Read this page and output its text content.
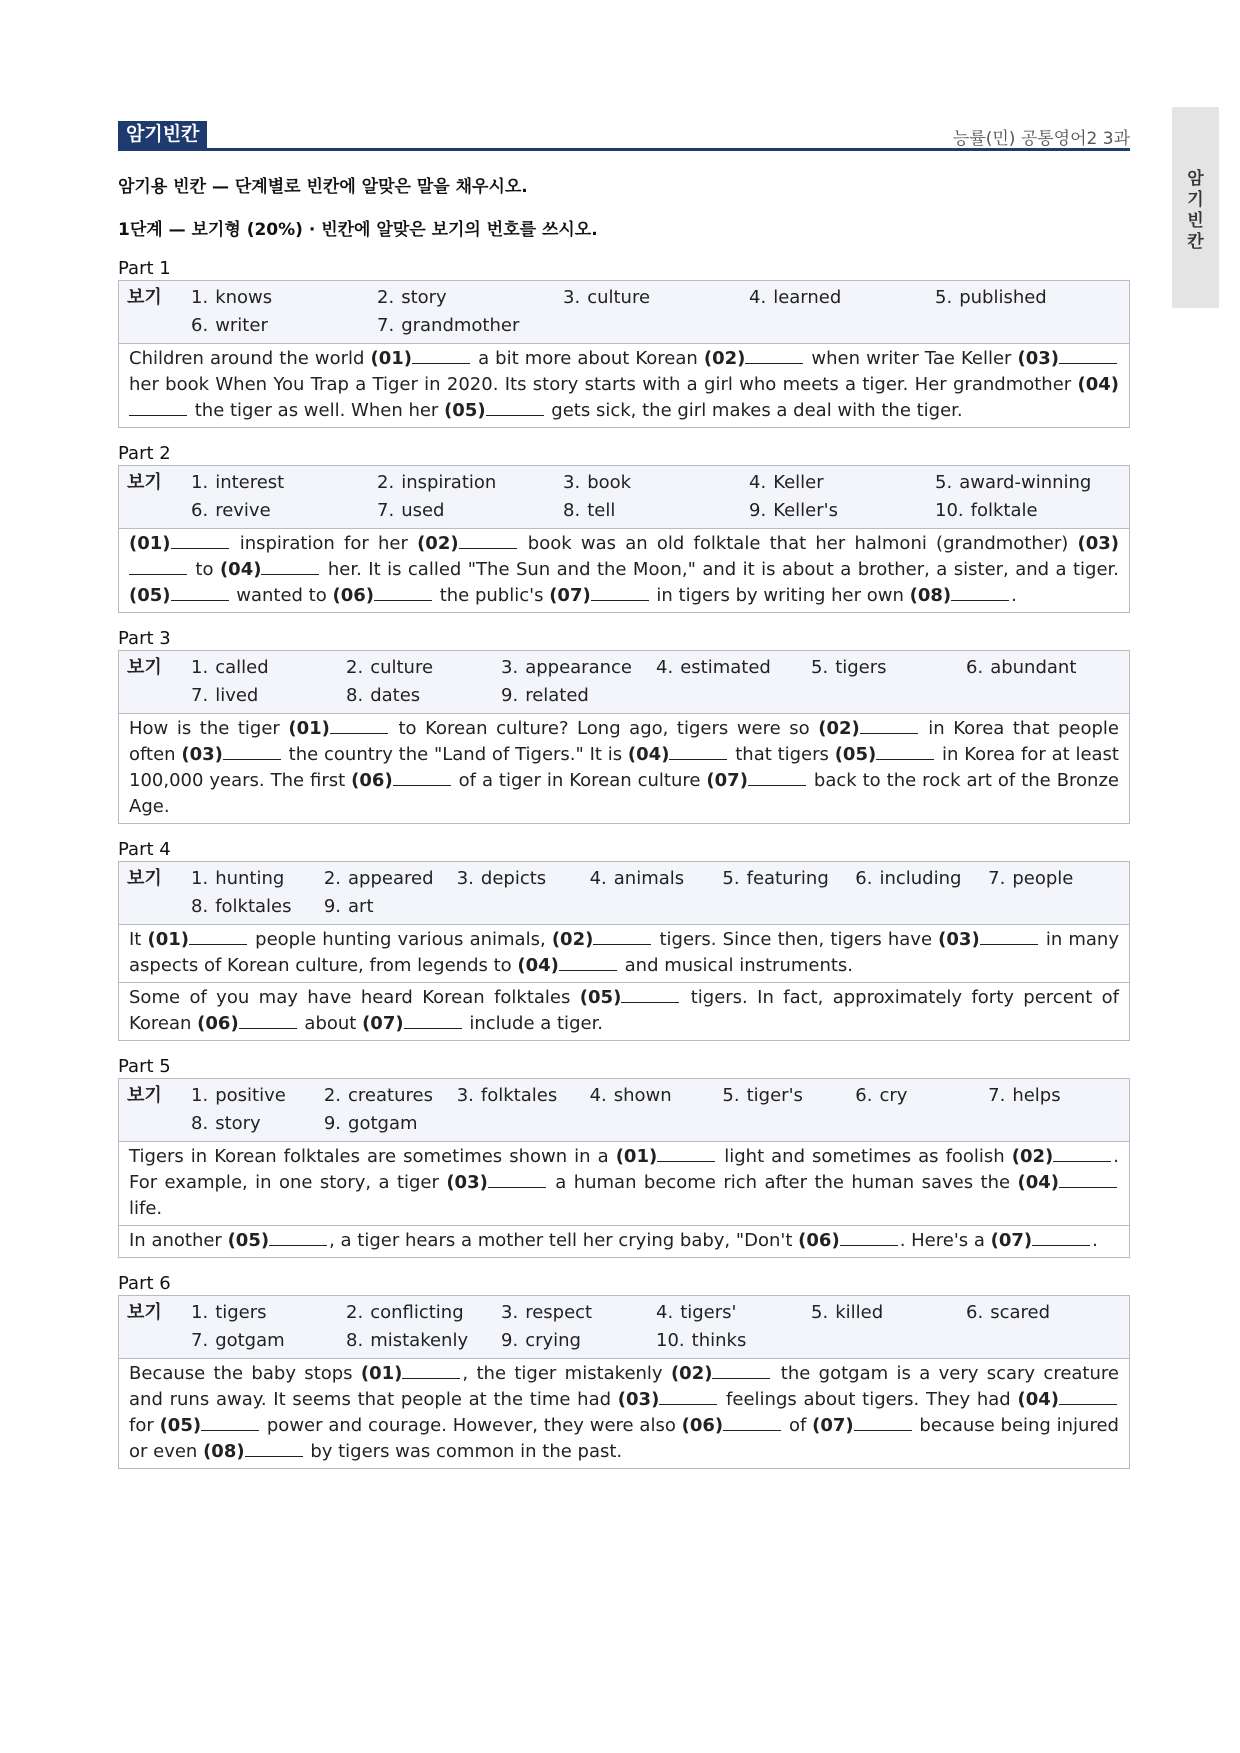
암
기
빈
칸
암기빈칸	능률(민) 공통영어2 3과
암기용 빈칸 — 단계별로 빈칸에 알맞은 말을 채우시오.
1단계 — 보기형 (20%) · 빈칸에 알맞은 보기의 번호를 쓰시오.
Part 1
보기 1. knows	2. story	3. culture	4. learned	5. published
6. writer	7. grandmother
Children around the world (01)	a bit more about Korean (02)	when writer Tae Keller (03) her book When You Trap a Tiger in 2020. Its story starts with a girl who meets a tiger. Her grandmother (04) the tiger as well. When her (05)	gets sick, the girl makes a deal with the tiger.
Part 2
보기 1. interest	2. inspiration	3. book	4. Keller	5. award-winning
6. revive	7. used	8. tell	9. Keller's	10. folktale
(01)	inspiration for her (02)	book was an old folktale that her halmoni (grandmother) (03) to (04)	her. It is called "The Sun and the Moon," and it is about a brother, a sister, and a tiger. (05)	wanted to (06)	the public's (07)	in tigers by writing her own (08)	.
Part 3
보기 1. called	2. culture	3. appearance	4. estimated	5. tigers	6. abundant
7. lived	8. dates	9. related
How is the tiger (01)	to Korean culture? Long ago, tigers were so (02)	in Korea that people often (03)	the country the "Land of Tigers." It is (04)	that tigers (05)	in Korea for at least 100,000 years. The first (06)	of a tiger in Korean culture (07)	back to the rock art of the Bronze Age.
Part 4
보기 1. hunting	2. appeared	3. depicts	4. animals	5. featuring	6. including	7. people
8. folktales	9. art
It (01)	people hunting various animals, (02)	tigers. Since then, tigers have (03)	in many aspects of Korean culture, from legends to (04)	and musical instruments.
Some of you may have heard Korean folktales (05)	tigers. In fact, approximately forty percent of Korean (06)	about (07)	include a tiger.
Part 5
보기 1. positive	2. creatures	3. folktales	4. shown	5. tiger's	6. cry	7. helps
8. story	9. gotgam
Tigers in Korean folktales are sometimes shown in a (01)	light and sometimes as foolish (02)	. For example, in one story, a tiger (03)	a human become rich after the human saves the (04) life.
In another (05)	, a tiger hears a mother tell her crying baby, "Don't (06)	. Here's a (07)	.
Part 6
보기 1. tigers	2. conflicting	3. respect	4. tigers'	5. killed	6. scared
7. gotgam	8. mistakenly	9. crying	10. thinks
Because the baby stops (01)	, the tiger mistakenly (02)	the gotgam is a very scary creature and runs away. It seems that people at the time had (03)	feelings about tigers. They had (04) for (05)	power and courage. However, they were also (06)	of (07)	because being injured or even (08)	by tigers was common in the past.
